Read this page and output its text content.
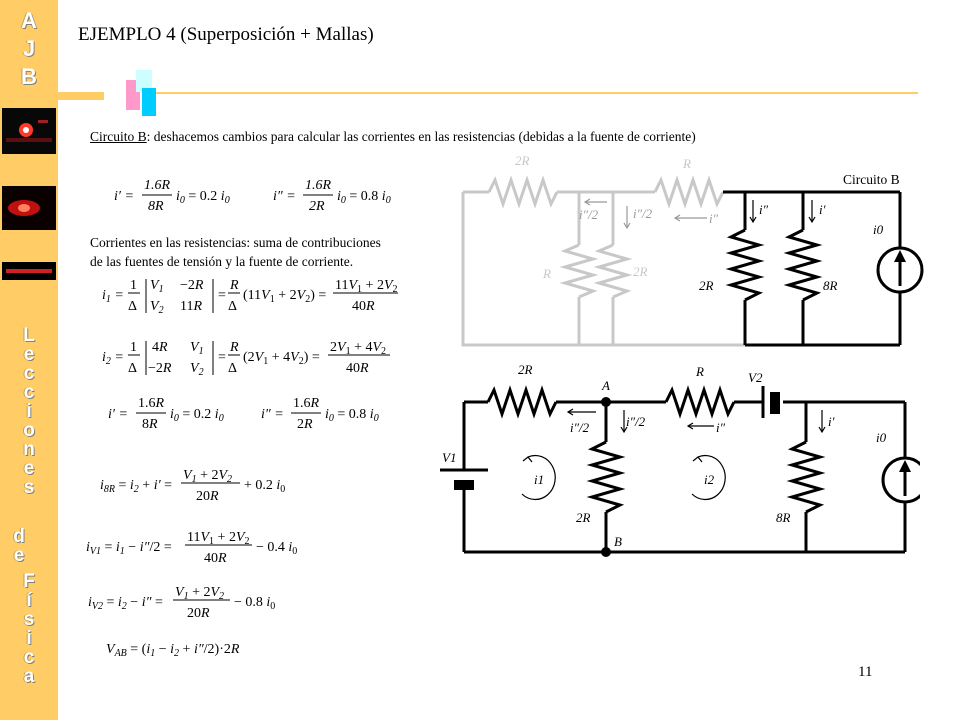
A
J
B
L
e
c
c
i
o
n
e
s
d
e
F
í
s
i
c
a
EJEMPLO 4 (Superposición + Mallas)
Circuito B: deshacemos cambios para calcular las corrientes en las resistencias (debidas a la fuente de corriente)
Corrientes en las resistencias: suma de contribuciones
de las fuentes de tensión y la fuente de corriente.
Circuito B
11
i′ =
1.6R
8R
$i_0 = 0.2$ $i_0$	i″ =
1.6R
2R
$i_0 = 0.8$ $i_0$
$i_1$ =
1
Δ
$V_1$
$V_2$
−2R
11R
=
R
Δ
$(11V_1 + 2V_2)$ =
$11V_1 + 2V_2$
40R
$i_2$ =
1
Δ
4R
−2R
$V_1$
$V_2$
=
R
Δ
$(2V_1 + 4V_2)$ =
$2V_1 + 4V_2$
40R
i′ =
1.6R
8R
$i_0 = 0.2$ $i_0$	i″ =
1.6R
2R
$i_0 = 0.8$ $i_0$
$i_{8R} = i_2 + i'$ =
$V_1 + 2V_2$
20R
+ 0.2 $i_0$
$i_{V1} = i_1 - i''/2$ =
$11V_1 + 2V_2$
40R
− 0.4 $i_0$
$i_{V2} = i_2 - i''$ =
$V_1 + 2V_2$
20R
− 0.8 $i_0$
$V_{AB} = (i_1 - i_2 + i''/2)\cdot 2R$
2R	R
R	2R
i″/2	i″/2	i″
i″	i′
2R	8R
i0
2R	R
A
B
V2
V1
i1	i2
i″/2	i″/2	i″	i′
2R	8R
i0
